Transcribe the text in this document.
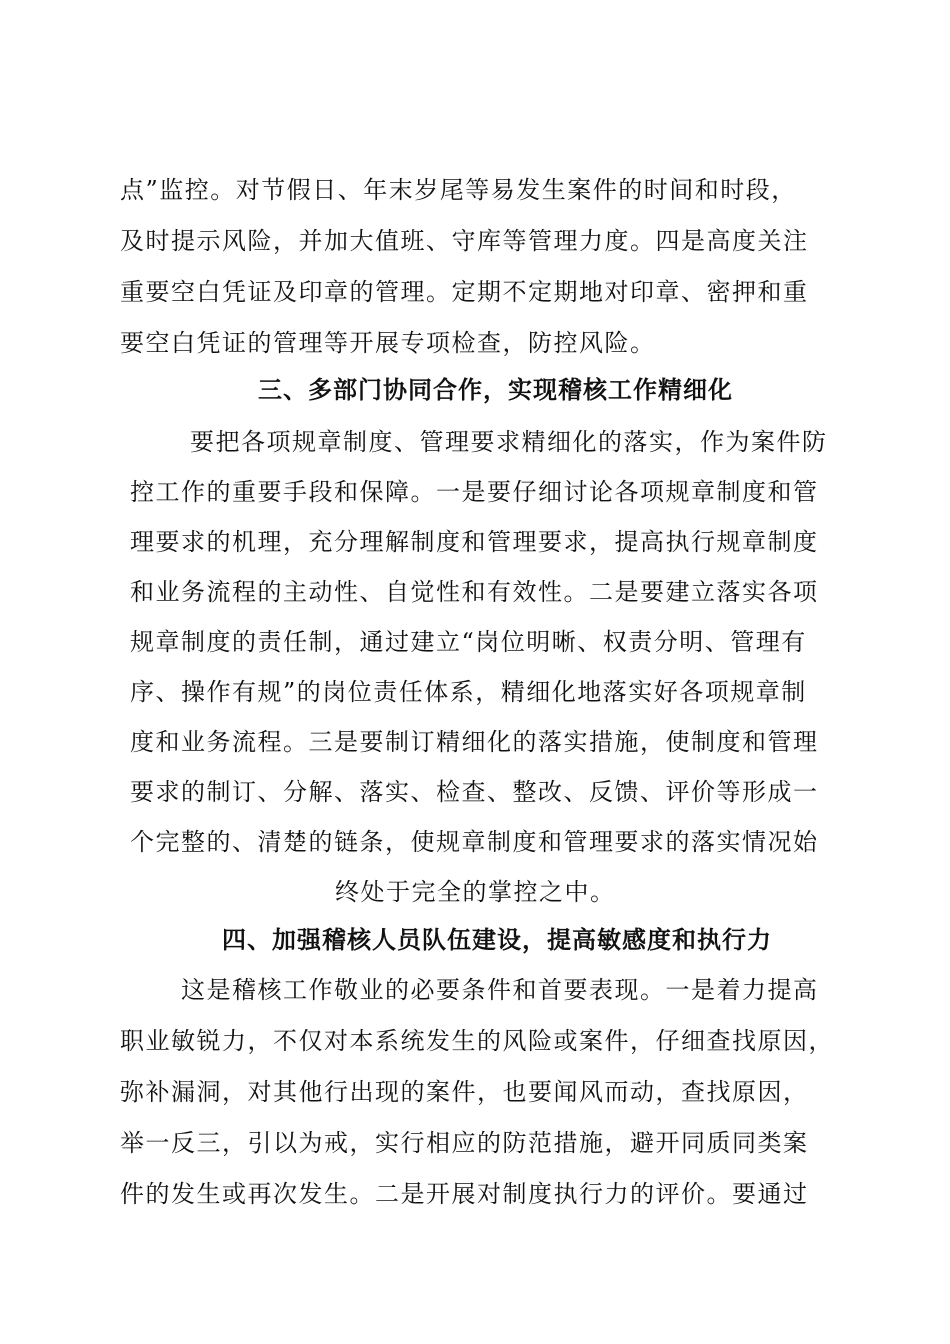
点”监控。对节假日、年末岁尾等易发生案件的时间和时段，
及时提示风险，并加大值班、守库等管理力度。四是高度关注
重要空白凭证及印章的管理。定期不定期地对印章、密押和重
要空白凭证的管理等开展专项检查，防控风险。
三、多部门协同合作，实现稽核工作精细化
要把各项规章制度、管理要求精细化的落实，作为案件防
控工作的重要手段和保障。一是要仔细讨论各项规章制度和管
理要求的机理，充分理解制度和管理要求，提高执行规章制度
和业务流程的主动性、自觉性和有效性。二是要建立落实各项
规章制度的责任制，通过建立“岗位明晰、权责分明、管理有
序、操作有规”的岗位责任体系，精细化地落实好各项规章制
度和业务流程。三是要制订精细化的落实措施，使制度和管理
要求的制订、分解、落实、检查、整改、反馈、评价等形成一
个完整的、清楚的链条，使规章制度和管理要求的落实情况始
终处于完全的掌控之中。
四、加强稽核人员队伍建设，提高敏感度和执行力
这是稽核工作敬业的必要条件和首要表现。一是着力提高
职业敏锐力，不仅对本系统发生的风险或案件，仔细查找原因，
弥补漏洞，对其他行出现的案件，也要闻风而动，查找原因，
举一反三，引以为戒，实行相应的防范措施，避开同质同类案
件的发生或再次发生。二是开展对制度执行力的评价。要通过
